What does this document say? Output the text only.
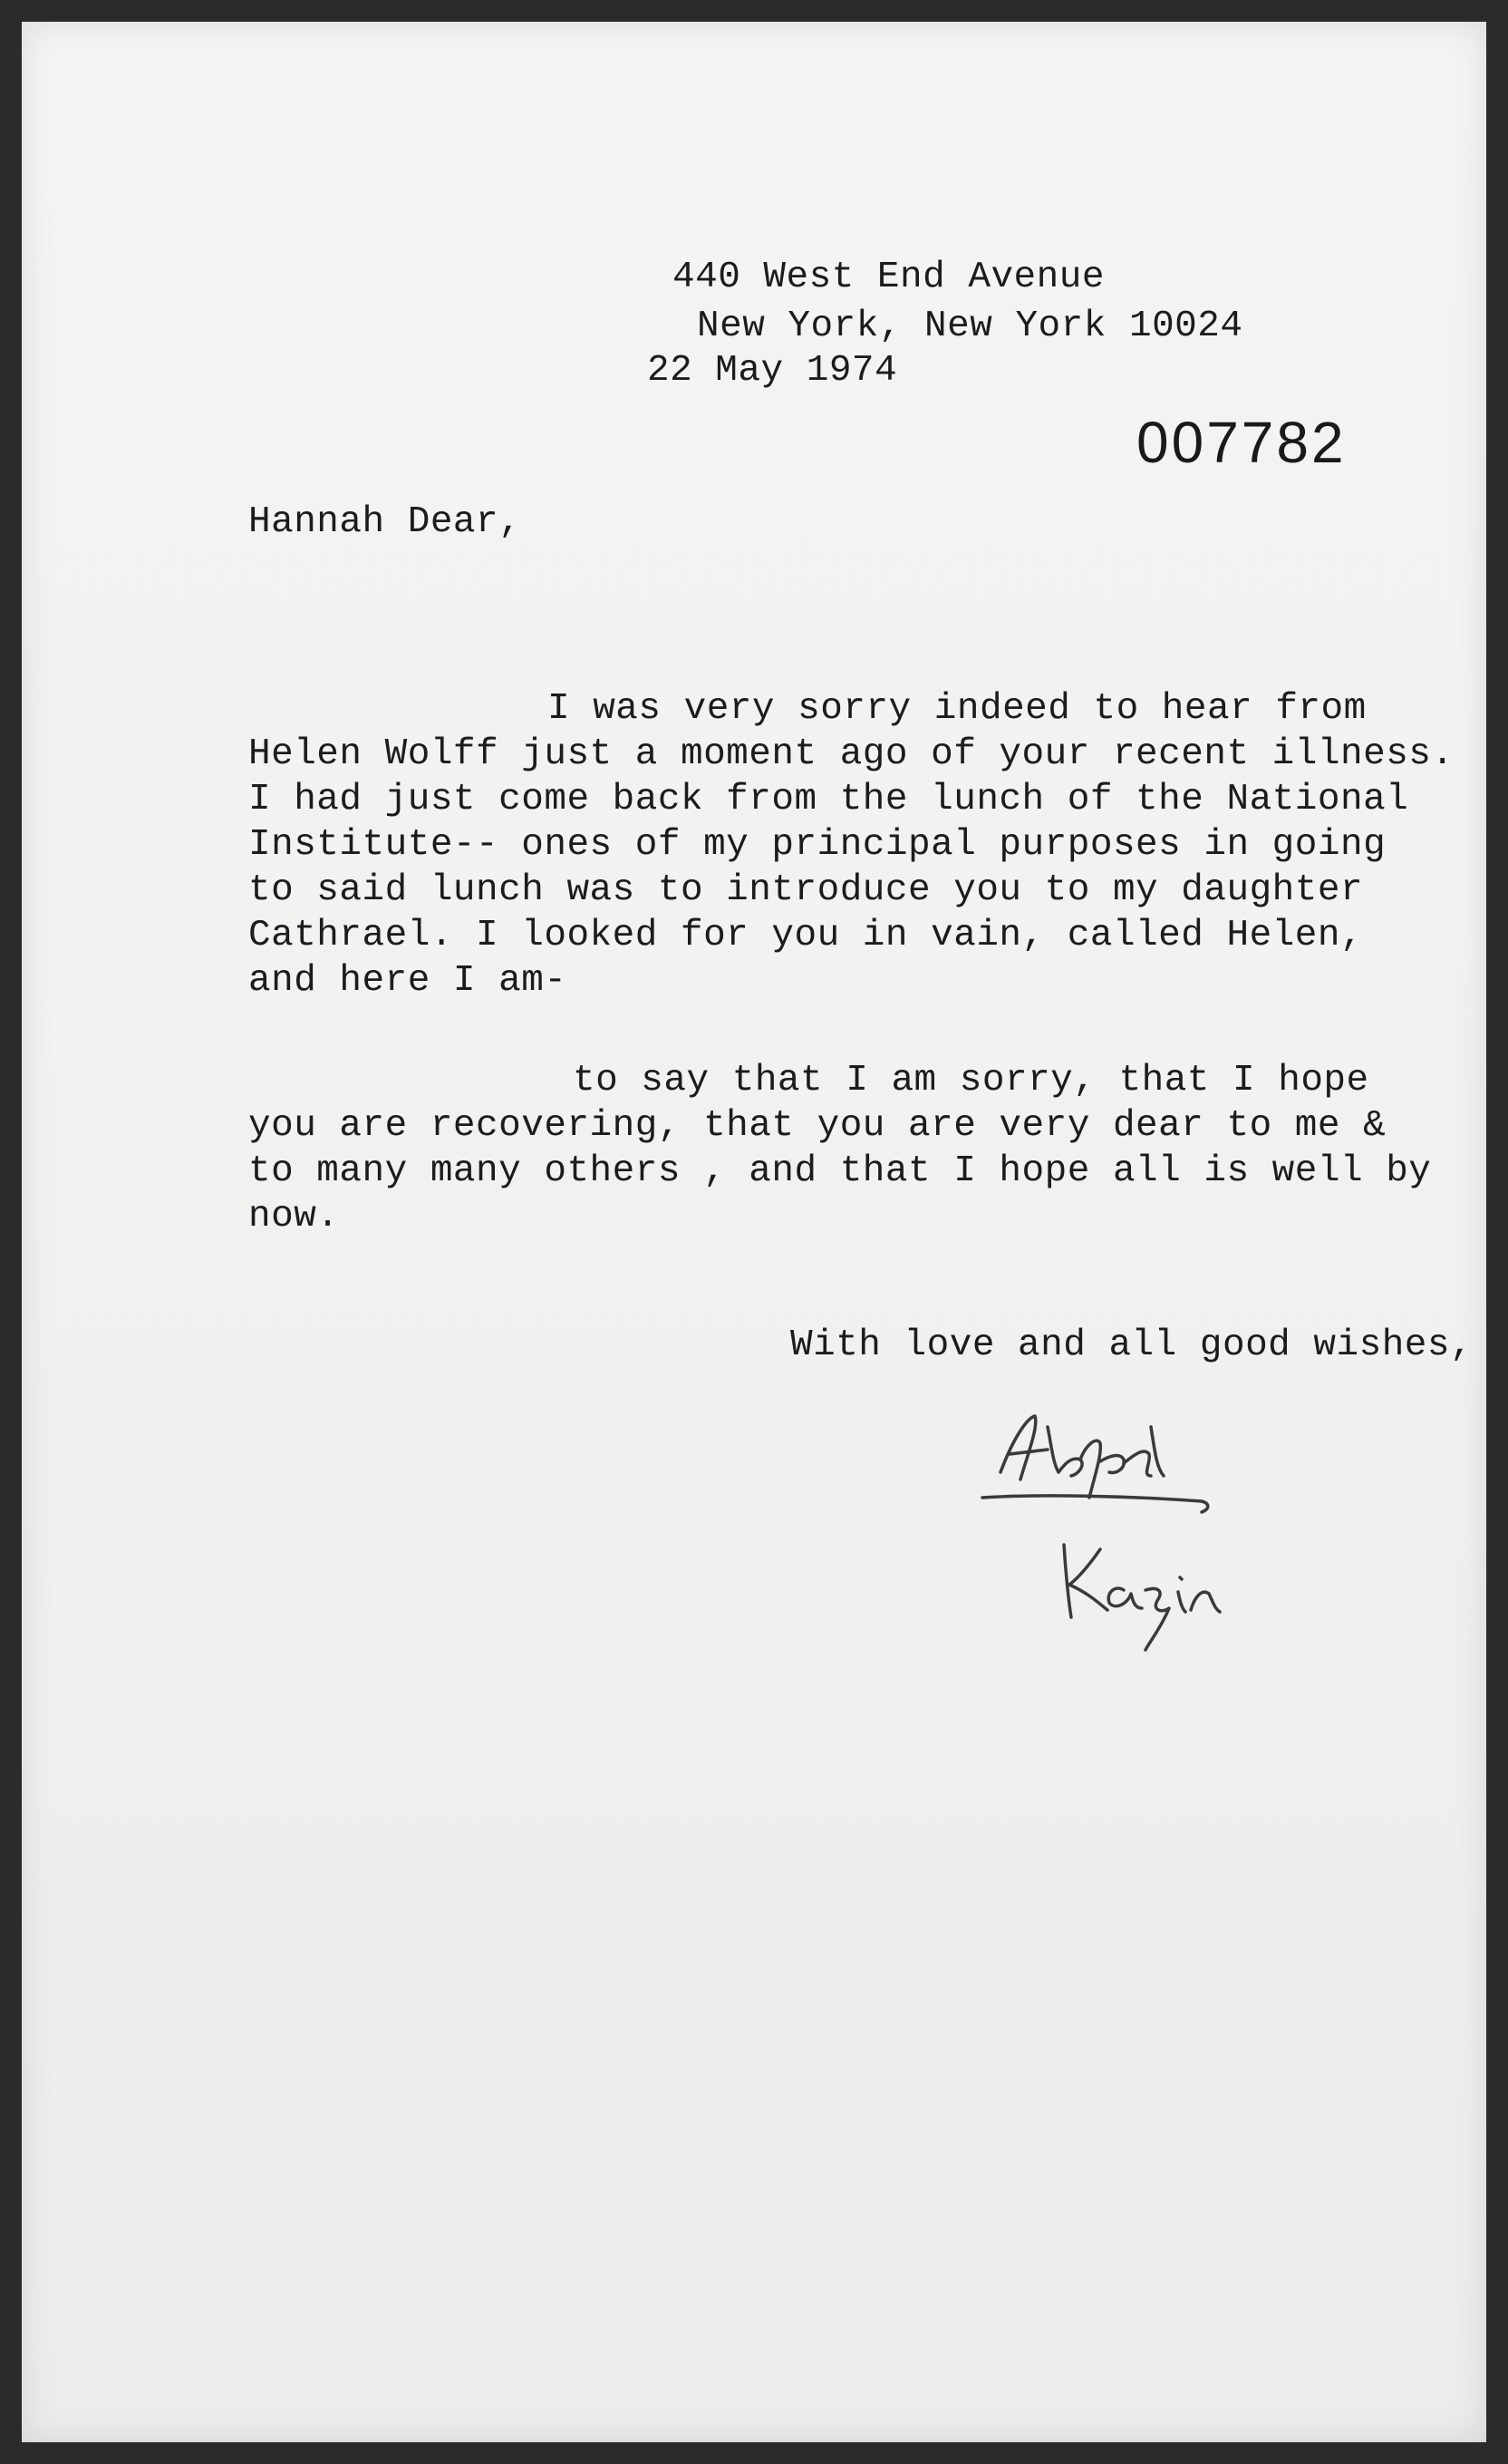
440 West End Avenue
New York, New York 10024
22 May 1974
007782
Hannah Dear,
I was very sorry indeed to hear from
Helen Wolff just a moment ago of your recent illness.
I had just come back from the lunch of the National
Institute-- ones of my principal purposes in going
to said lunch was to introduce you to my daughter
Cathrael. I looked for you in vain, called Helen,
and here I am-
to say that I am sorry, that I hope
you are recovering, that you are very dear to me &
to many many others , and that I hope all is well by
now.
With love and all good wishes,
